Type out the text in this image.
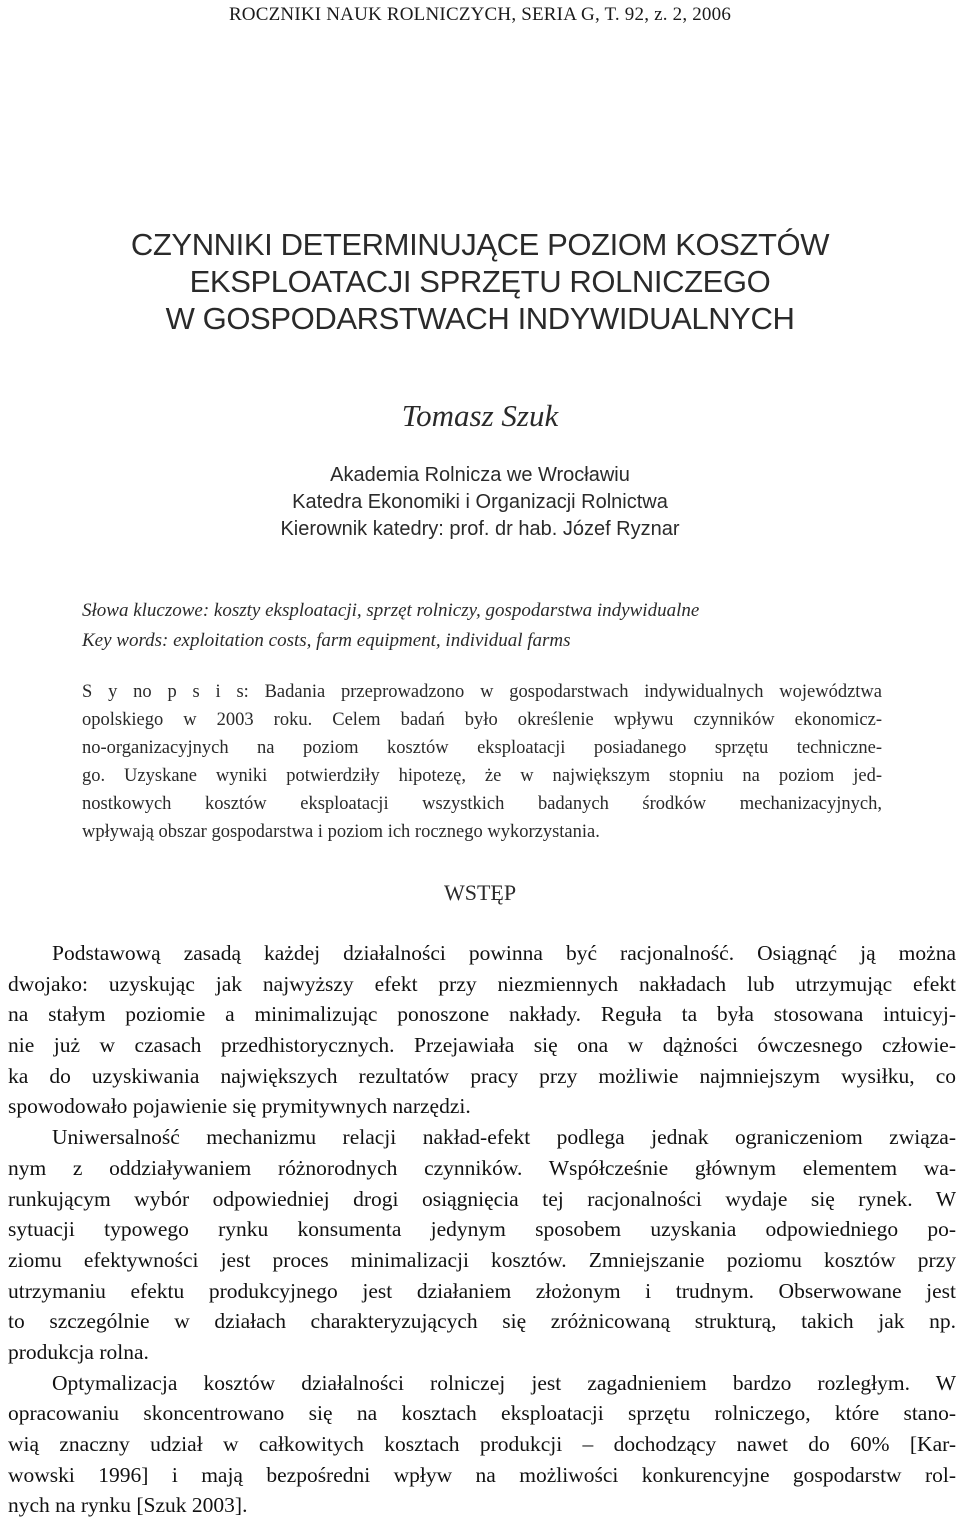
ROCZNIKI NAUK ROLNICZYCH, SERIA G, T. 92, z. 2, 2006
CZYNNIKI DETERMINUJĄCE POZIOM KOSZTÓW
EKSPLOATACJI SPRZĘTU ROLNICZEGO
W GOSPODARSTWACH INDYWIDUALNYCH
Tomasz Szuk
Akademia Rolnicza we Wrocławiu
Katedra Ekonomiki i Organizacji Rolnictwa
Kierownik katedry: prof. dr hab. Józef Ryznar
Słowa kluczowe: koszty eksploatacji, sprzęt rolniczy, gospodarstwa indywidualne
Key words: exploitation costs, farm equipment, individual farms
S y no p s i s: Badania przeprowadzono w gospodarstwach indywidualnych województwa
opolskiego w 2003 roku. Celem badań było określenie wpływu czynników ekonomicz-
no-organizacyjnych na poziom kosztów eksploatacji posiadanego sprzętu techniczne-
go. Uzyskane wyniki potwierdziły hipotezę, że w największym stopniu na poziom jed-
nostkowych kosztów eksploatacji wszystkich badanych środków mechanizacyjnych,
wpływają obszar gospodarstwa i poziom ich rocznego wykorzystania.
WSTĘP
Podstawową zasadą każdej działalności powinna być racjonalność. Osiągnąć ją można
dwojako: uzyskując jak najwyższy efekt przy niezmiennych nakładach lub utrzymując efekt
na stałym poziomie a minimalizując ponoszone nakłady. Reguła ta była stosowana intuicyj-
nie już w czasach przedhistorycznych. Przejawiała się ona w dążności ówczesnego człowie-
ka do uzyskiwania największych rezultatów pracy przy możliwie najmniejszym wysiłku, co
spowodowało pojawienie się prymitywnych narzędzi.
Uniwersalność mechanizmu relacji nakład-efekt podlega jednak ograniczeniom związa-
nym z oddziaływaniem różnorodnych czynników. Współcześnie głównym elementem wa-
runkującym wybór odpowiedniej drogi osiągnięcia tej racjonalności wydaje się rynek. W
sytuacji typowego rynku konsumenta jedynym sposobem uzyskania odpowiedniego po-
ziomu efektywności jest proces minimalizacji kosztów. Zmniejszanie poziomu kosztów przy
utrzymaniu efektu produkcyjnego jest działaniem złożonym i trudnym. Obserwowane jest
to szczególnie w działach charakteryzujących się zróżnicowaną strukturą, takich jak np.
produkcja rolna.
Optymalizacja kosztów działalności rolniczej jest zagadnieniem bardzo rozległym. W
opracowaniu skoncentrowano się na kosztach eksploatacji sprzętu rolniczego, które stano-
wią znaczny udział w całkowitych kosztach produkcji – dochodzący nawet do 60% [Kar-
wowski 1996] i mają bezpośredni wpływ na możliwości konkurencyjne gospodarstw rol-
nych na rynku [Szuk 2003].
